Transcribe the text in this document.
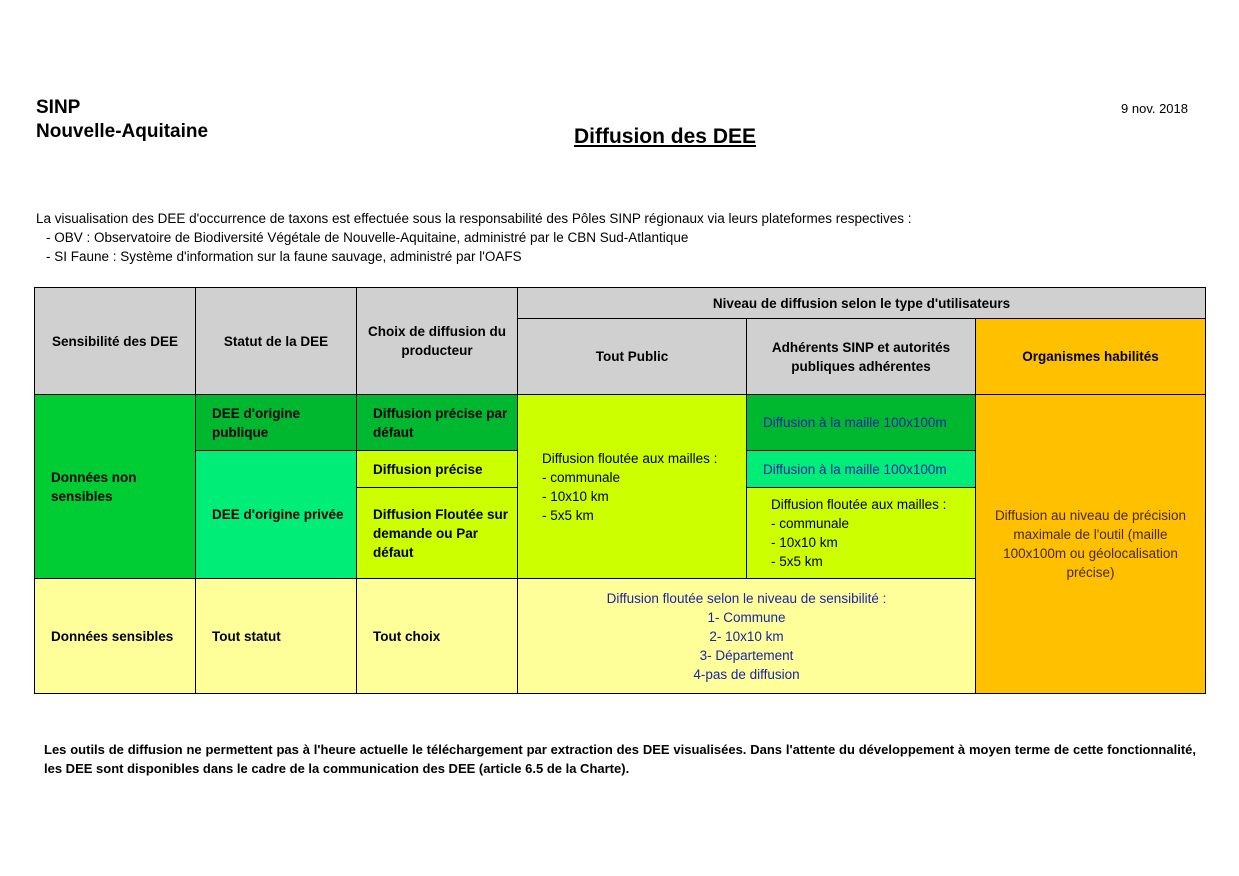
SINP
Nouvelle-Aquitaine
9 nov. 2018
Diffusion des DEE
La visualisation des DEE d'occurrence de taxons est effectuée sous la responsabilité des Pôles SINP régionaux via leurs plateformes respectives :
- OBV : Observatoire de Biodiversité Végétale de Nouvelle-Aquitaine, administré par le CBN Sud-Atlantique
- SI Faune : Système d'information sur la faune sauvage, administré par l'OAFS
Sensibilité des DEE	Statut de la DEE	Choix de diffusion du producteur	Niveau de diffusion selon le type d'utilisateurs		
			Tout Public	Adhérents SINP et autorités publiques adhérentes	Organismes habilités
Données non sensibles	DEE d'origine publique	Diffusion précise par défaut	Diffusion floutée aux mailles :
- communale
- 10x10 km
- 5x5 km	Diffusion à la maille 100x100m	Diffusion au niveau de précision maximale de l'outil (maille 100x100m ou géolocalisation précise)
	DEE d'origine privée	Diffusion précise		Diffusion à la maille 100x100m	
		Diffusion Floutée sur demande ou Par défaut		Diffusion floutée aux mailles :
- communale
- 10x10 km
- 5x5 km	

Données sensibles	Tout statut	Tout choix	Diffusion floutée selon le niveau de sensibilité :
1- Commune
2- 10x10 km
3- Département
4-pas de diffusion		
Les outils de diffusion ne permettent pas à l'heure actuelle le téléchargement par extraction des DEE visualisées. Dans l'attente du développement à moyen terme de cette fonctionnalité, les DEE sont disponibles dans le cadre de la communication des DEE (article 6.5 de la Charte).
